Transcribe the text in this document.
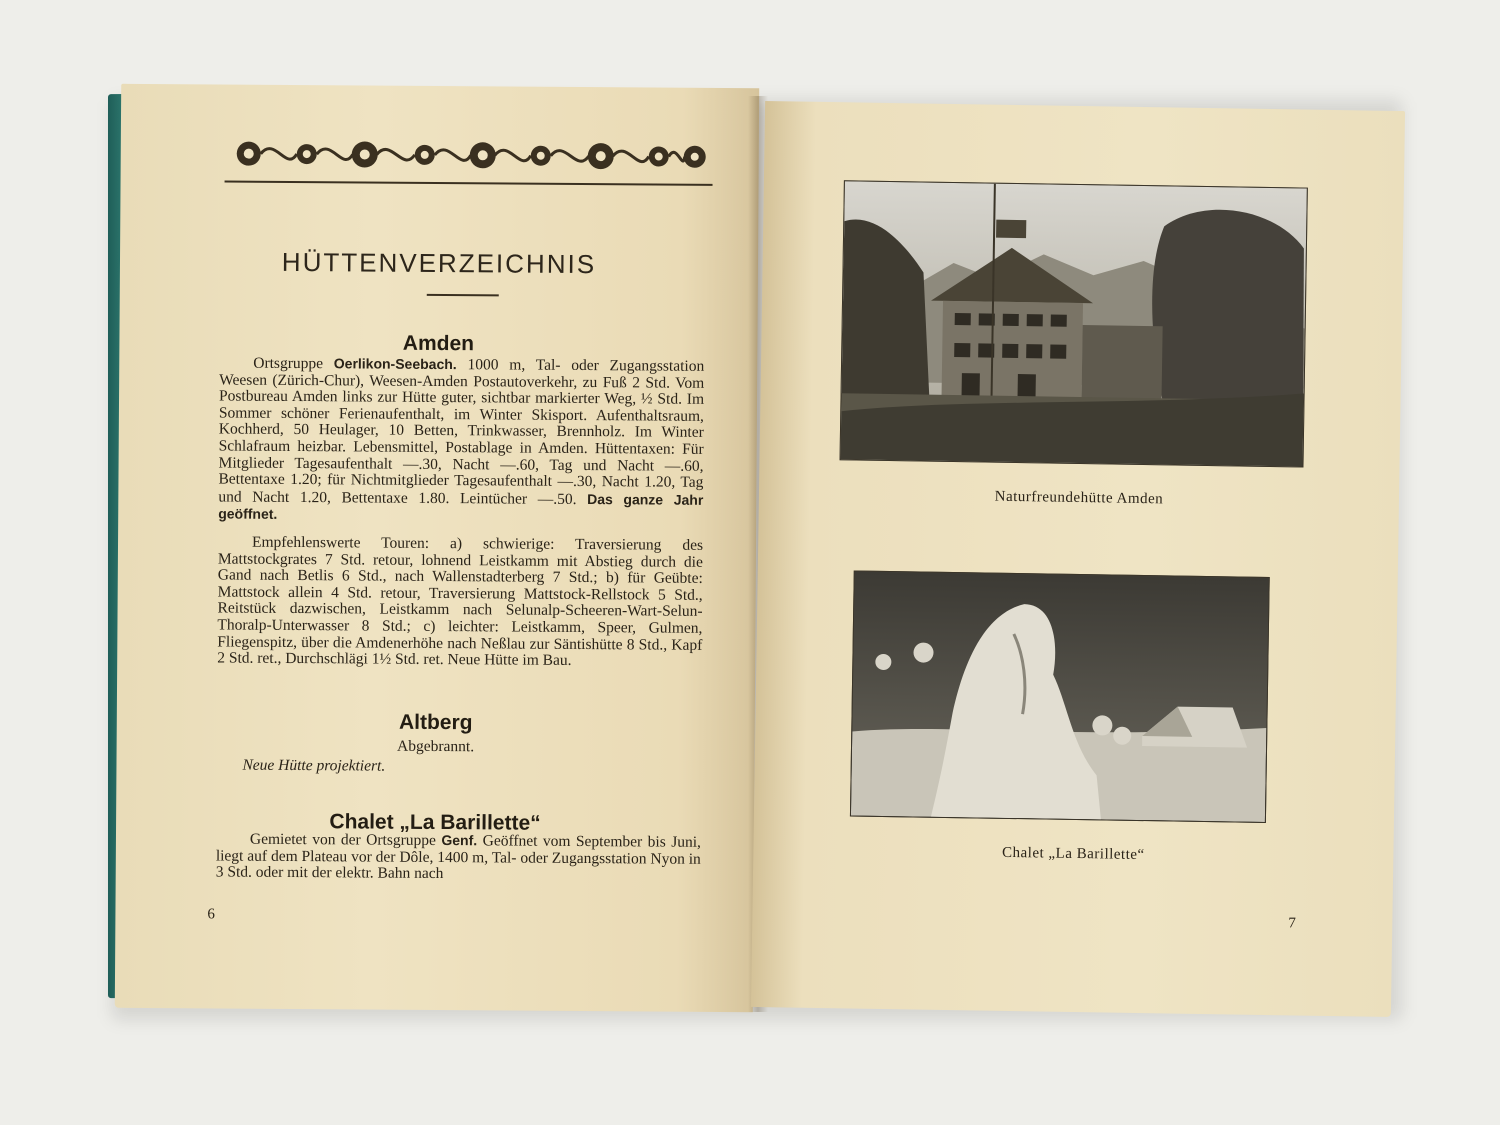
HÜTTENVERZEICHNIS
Amden
Ortsgruppe Oerlikon-Seebach. 1000 m, Tal- oder Zugangsstation Weesen (Zürich-Chur), Weesen-Amden Postautoverkehr, zu Fuß 2 Std. Vom Postbureau Amden links zur Hütte guter, sichtbar markierter Weg, ½ Std. Im Sommer schöner Ferienaufenthalt, im Winter Skisport. Aufenthaltsraum, Kochherd, 50 Heulager, 10 Betten, Trinkwasser, Brennholz. Im Winter Schlafraum heizbar. Lebensmittel, Postablage in Amden. Hüttentaxen: Für Mitglieder Tagesaufenthalt —.30, Nacht —.60, Tag und Nacht —.60, Bettentaxe 1.20; für Nichtmitglieder Tagesaufenthalt —.30, Nacht 1.20, Tag und Nacht 1.20, Bettentaxe 1.80. Leintücher —.50. Das ganze Jahr geöffnet.
Empfehlenswerte Touren: a) schwierige: Traversierung des Mattstockgrates 7 Std. retour, lohnend Leistkamm mit Abstieg durch die Gand nach Betlis 6 Std., nach Wallenstadterberg 7 Std.; b) für Geübte: Mattstock allein 4 Std. retour, Traversierung Mattstock-Rellstock 5 Std., Reitstück dazwischen, Leistkamm nach Selunalp-Scheeren-Wart-Selun-Thoralp-Unterwasser 8 Std.; c) leichter: Leistkamm, Speer, Gulmen, Fliegenspitz, über die Amdenerhöhe nach Neßlau zur Säntishütte 8 Std., Kapf 2 Std. ret., Durchschlägi 1½ Std. ret. Neue Hütte im Bau.
Altberg
Abgebrannt.
Neue Hütte projektiert.
Chalet „La Barillette“
Gemietet von der Ortsgruppe Genf. Geöffnet vom September bis Juni, liegt auf dem Plateau vor der Dôle, 1400 m, Tal- oder Zugangsstation Nyon in 3 Std. oder mit der elektr. Bahn nach
6
Naturfreundehütte Amden
Chalet „La Barillette“
7
